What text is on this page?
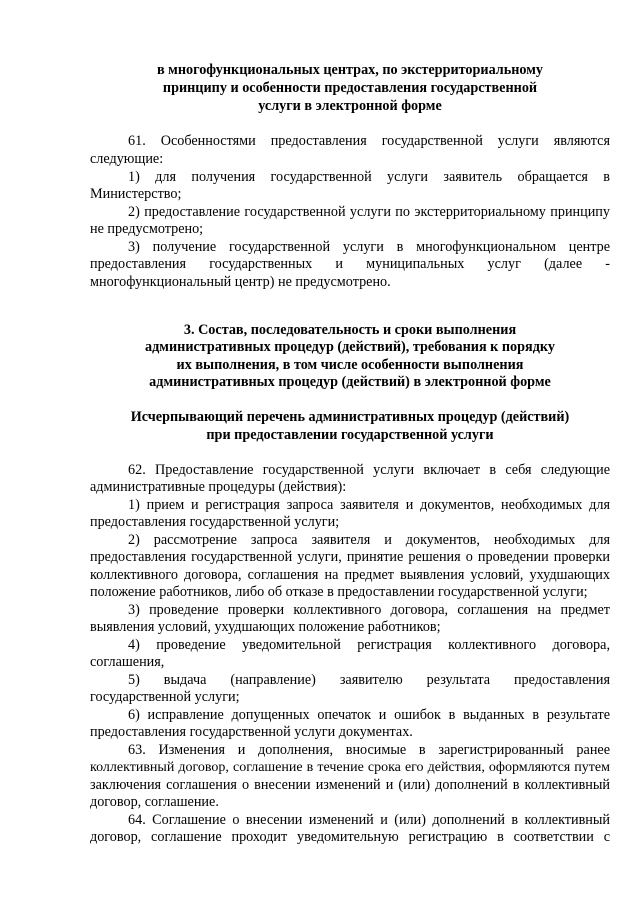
в многофункциональных центрах, по экстерриториальному
принципу и особенности предоставления государственной
услуги в электронной форме
61. Особенностями предоставления государственной услуги являются
следующие:
1) для получения государственной услуги заявитель обращается в
Министерство;
2) предоставление государственной услуги по экстерриториальному принципу
не предусмотрено;
3) получение государственной услуги в многофункциональном центре
предоставления государственных и муниципальных услуг (далее -
многофункциональный центр) не предусмотрено.
3. Состав, последовательность и сроки выполнения
административных процедур (действий), требования к порядку
их выполнения, в том числе особенности выполнения
административных процедур (действий) в электронной форме
Исчерпывающий перечень административных процедур (действий)
при предоставлении государственной услуги
62. Предоставление государственной услуги включает в себя следующие
административные процедуры (действия):
1) прием и регистрация запроса заявителя и документов, необходимых для
предоставления государственной услуги;
2) рассмотрение запроса заявителя и документов, необходимых для
предоставления государственной услуги, принятие решения о проведении проверки
коллективного договора, соглашения на предмет выявления условий, ухудшающих
положение работников, либо об отказе в предоставлении государственной услуги;
3) проведение проверки коллективного договора, соглашения на предмет
выявления условий, ухудшающих положение работников;
4) проведение уведомительной регистрация коллективного договора,
соглашения,
5) выдача (направление) заявителю результата предоставления
государственной услуги;
6) исправление допущенных опечаток и ошибок в выданных в результате
предоставления государственной услуги документах.
63. Изменения и дополнения, вносимые в зарегистрированный ранее
коллективный договор, соглашение в течение срока его действия, оформляются путем
заключения соглашения о внесении изменений и (или) дополнений в коллективный
договор, соглашение.
64. Соглашение о внесении изменений и (или) дополнений в коллективный
договор, соглашение проходит уведомительную регистрацию в соответствии с
